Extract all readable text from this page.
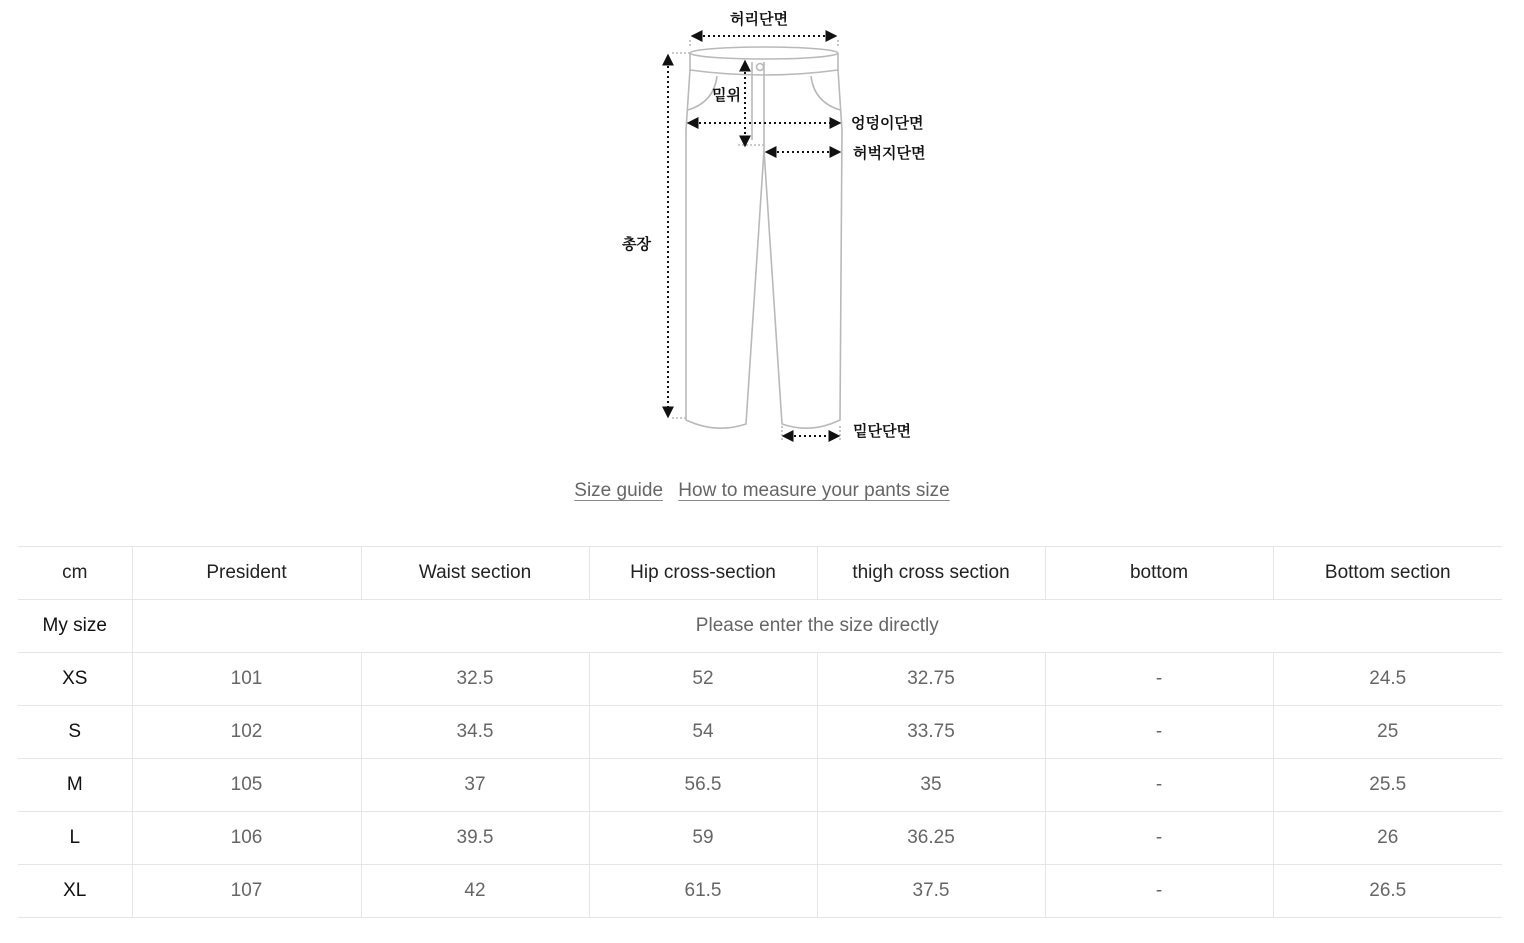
허리단면
밑위
엉덩이단면
허벅지단면
총장
밑단단면
Size guide How to measure your pants size
cm	President	Waist section	Hip cross-section	thigh cross section	bottom	Bottom section
My size	Please enter the size directly					
XS	101	32.5	52	32.75	-	24.5
S	102	34.5	54	33.75	-	25
M	105	37	56.5	35	-	25.5
L	106	39.5	59	36.25	-	26
XL	107	42	61.5	37.5	-	26.5
